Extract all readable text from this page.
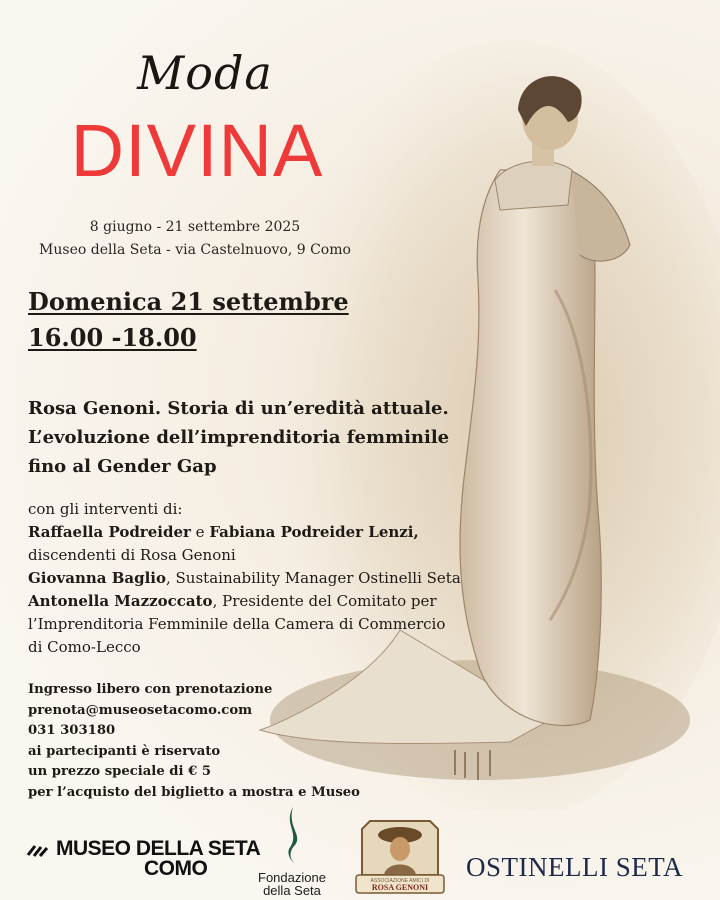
Moda
DIVINA
8 giugno - 21 settembre 2025
Museo della Seta - via Castelnuovo, 9 Como
Domenica 21 settembre
16.00 -18.00
Rosa Genoni. Storia di un’eredità attuale.
L’evoluzione dell’imprenditoria femminile
fino al Gender Gap
con gli interventi di:
Raffaella Podreider e Fabiana Podreider Lenzi,
discendenti di Rosa Genoni
Giovanna Baglio, Sustainability Manager Ostinelli Seta
Antonella Mazzoccato, Presidente del Comitato per
l’Imprenditoria Femminile della Camera di Commercio
di Como-Lecco
Ingresso libero con prenotazione
prenota@museosetacomo.com
031 303180
ai partecipanti è riservato
un prezzo speciale di € 5
per l’acquisto del biglietto a mostra e Museo
MUSEO DELLA SETA
COMO	Fondazione
della Seta
ASSOCIAZIONE AMICI DI
ROSA GENONI
OSTINELLI SETA
